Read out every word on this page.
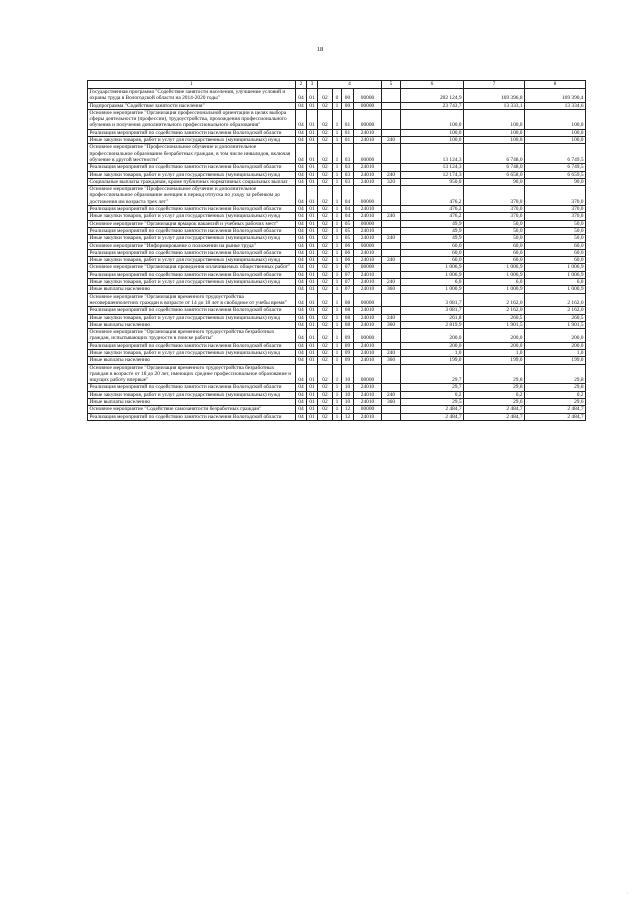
18
1	2	3	4				5	6	7	8
Государственная программа "Содействие занятости населения, улучшение условий и охраны труда в Вологодской области на 2014-2020 годы"	04	01	02	0	00	00000		202 124,9	169 396,8	169 390,4
Подпрограмма "Содействие занятости населения"	04	01	02	1	00	00000		23 743,7	13 333,1	13 334,6
Основное мероприятие "Организация профессиональной ориентации в целях выбора сферы деятельности (профессии), трудоустройства, прохождения профессионального обучения и получения дополнительного профессионального образования"	04	01	02	1	01	00000		100,0	100,0	100,0
Реализация мероприятий по содействию занятости населения Вологодской области	04	01	02	1	01	24010		100,0	100,0	100,0
Иные закупки товаров, работ и услуг для государственных (муниципальных) нужд	04	01	02	1	01	24010	240	100,0	100,0	100,0
Основное мероприятие "Профессиональное обучение и дополнительное профессиональное образование безработных граждан, в том числе инвалидов, включая обучение в другой местности"	04	01	02	1	03	00000		13 124,3	6 748,0	6 749,5
Реализация мероприятий по содействию занятости населения Вологодской области	04	01	02	1	03	24010		13 124,3	6 748,0	6 749,5
Иные закупки товаров, работ и услуг для государственных (муниципальных) нужд	04	01	02	1	03	24010	240	12 174,3	6 658,0	6 659,5
Социальные выплаты гражданам, кроме публичных нормативных социальных выплат	04	01	02	1	03	24010	320	950,0	90,0	90,0
Основное мероприятие "Профессиональное обучение и дополнительное профессиональное образование женщин в период отпуска по уходу за ребенком до достижения им возраста трех лет"	04	01	02	1	04	00000		476,2	370,0	370,0
Реализация мероприятий по содействию занятости населения Вологодской области	04	01	02	1	04	24010		476,2	370,0	370,0
Иные закупки товаров, работ и услуг для государственных (муниципальных) нужд	04	01	02	1	04	24010	240	476,2	370,0	370,0
Основное мероприятие "Организация ярмарок вакансий и учебных рабочих мест"	04	01	02	1	05	00000		49,9	50,0	50,0
Реализация мероприятий по содействию занятости населения Вологодской области	04	01	02	1	05	24010		49,9	50,0	50,0
Иные закупки товаров, работ и услуг для государственных (муниципальных) нужд	04	01	02	1	05	24010	240	49,9	50,0	50,0
Основное мероприятие "Информирование о положении на рынке труда"	04	01	02	1	06	00000		60,0	60,0	60,0
Реализация мероприятий по содействию занятости населения Вологодской области	04	01	02	1	06	24010		60,0	60,0	60,0
Иные закупки товаров, работ и услуг для государственных (муниципальных) нужд	04	01	02	1	06	24010	240	60,0	60,0	60,0
Основное мероприятие "Организация проведения оплачиваемых общественных работ"	04	01	02	1	07	00000		1 006,9	1 006,9	1 006,9
Реализация мероприятий по содействию занятости населения Вологодской области	04	01	02	1	07	24010		1 006,9	1 006,9	1 006,9
Иные закупки товаров, работ и услуг для государственных (муниципальных) нужд	04	01	02	1	07	24010	240	6,0	6,0	6,0
Иные выплаты населению	04	01	02	1	07	24010	360	1 000,9	1 000,9	1 000,9
Основное мероприятие "Организация временного трудоустройства несовершеннолетних граждан в возрасте от 14 до 18 лет в свободное от учебы время"	04	01	02	1	08	00000		3 081,7	2 162,0	2 162,0
Реализация мероприятий по содействию занятости населения Вологодской области	04	01	02	1	08	24010		3 081,7	2 162,0	2 162,0
Иные закупки товаров, работ и услуг для государственных (муниципальных) нужд	04	01	02	1	08	24010	240	261,8	260,5	260,5
Иные выплаты населению	04	01	02	1	08	24010	360	2 819,9	1 901,5	1 901,5
Основное мероприятие "Организация временного трудоустройства безработных граждан, испытывающих трудности в поиске работы"	04	01	02	1	09	00000		200,0	200,0	200,0
Реализация мероприятий по содействию занятости населения Вологодской области	04	01	02	1	09	24010		200,0	200,0	200,0
Иные закупки товаров, работ и услуг для государственных (муниципальных) нужд	04	01	02	1	09	24010	240	1,0	1,0	1,0
Иные выплаты населению	04	01	02	1	09	24010	360	199,0	199,0	199,0
Основное мероприятие "Организация временного трудоустройства безработных граждан в возрасте от 18 до 20 лет, имеющих среднее профессиональное образование и ищущих работу впервые"	04	01	02	1	10	00000		29,7	29,8	29,8
Реализация мероприятий по содействию занятости населения Вологодской области	04	01	02	1	10	24010		29,7	29,8	29,8
Иные закупки товаров, работ и услуг для государственных (муниципальных) нужд	04	01	02	1	10	24010	240	0,2	0,2	0,2
Иные выплаты населению	04	01	02	1	10	24010	360	29,5	29,6	29,6
Основное мероприятие "Содействие самозанятости безработных граждан"	04	01	02	1	12	00000		2 484,7	2 484,7	2 484,7
Реализация мероприятий по содействию занятости населения Вологодской области	04	01	02	1	12	24010		2 484,7	2 484,7	2 484,7
'
